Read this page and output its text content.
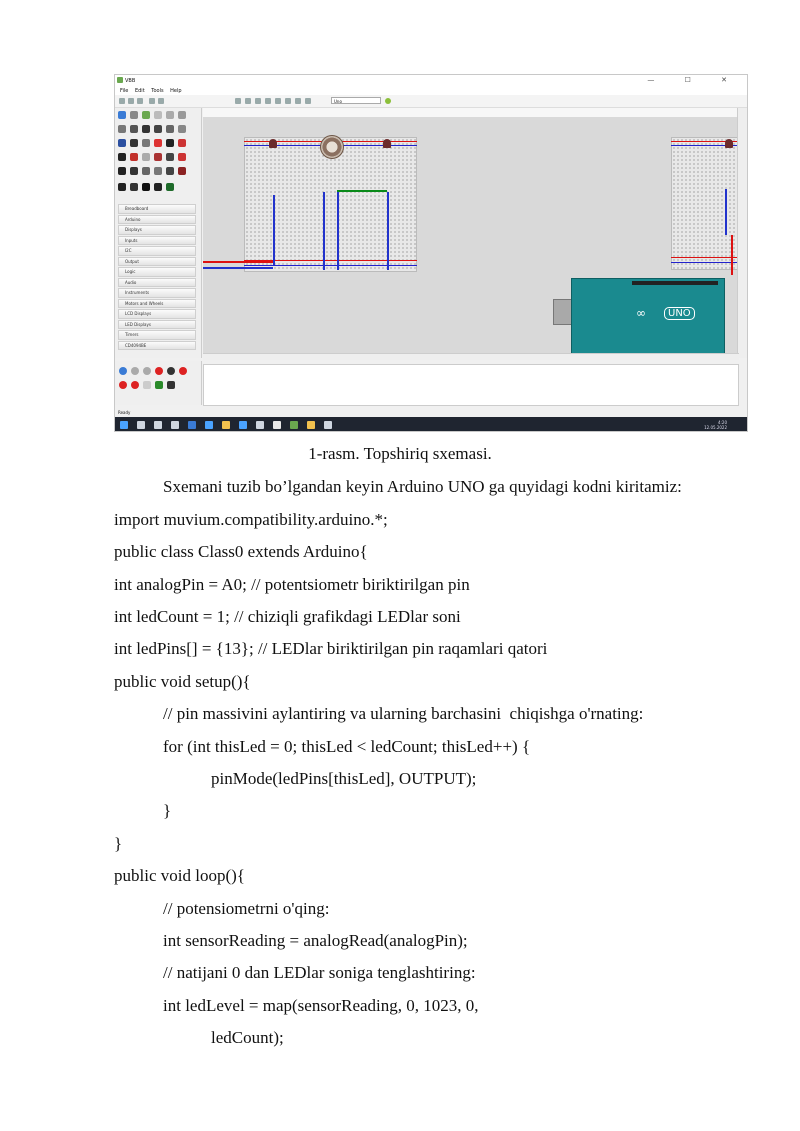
VBB	— ☐ ✕
File Edit Tools Help
Uno
Breadboard
Arduino
Displays
Inputs
I2C
Output
Logic
Audio
Instruments
Motors and Wheels
LCD Displays
LED Displays
Timers
CD4094BE
∞	UNO
Ready
4:20
12.05.2022
1-rasm. Topshiriq sxemasi.
Sxemani tuzib bo’lgandan keyin Arduino UNO ga quyidagi kodni kiritamiz:
import muvium.compatibility.arduino.*;
public class Class0 extends Arduino{
int analogPin = A0; // potentsiometr biriktirilgan pin
int ledCount = 1; // chiziqli grafikdagi LEDlar soni
int ledPins[] = {13}; // LEDlar biriktirilgan pin raqamlari qatori
public void setup(){
// pin massivini aylantiring va ularning barchasini  chiqishga o'rnating:
for (int thisLed = 0; thisLed < ledCount; thisLed++) {
pinMode(ledPins[thisLed], OUTPUT);
}
}
public void loop(){
// potensiometrni o'qing:
int sensorReading = analogRead(analogPin);
// natijani 0 dan LEDlar soniga tenglashtiring:
int ledLevel = map(sensorReading, 0, 1023, 0,
ledCount);
